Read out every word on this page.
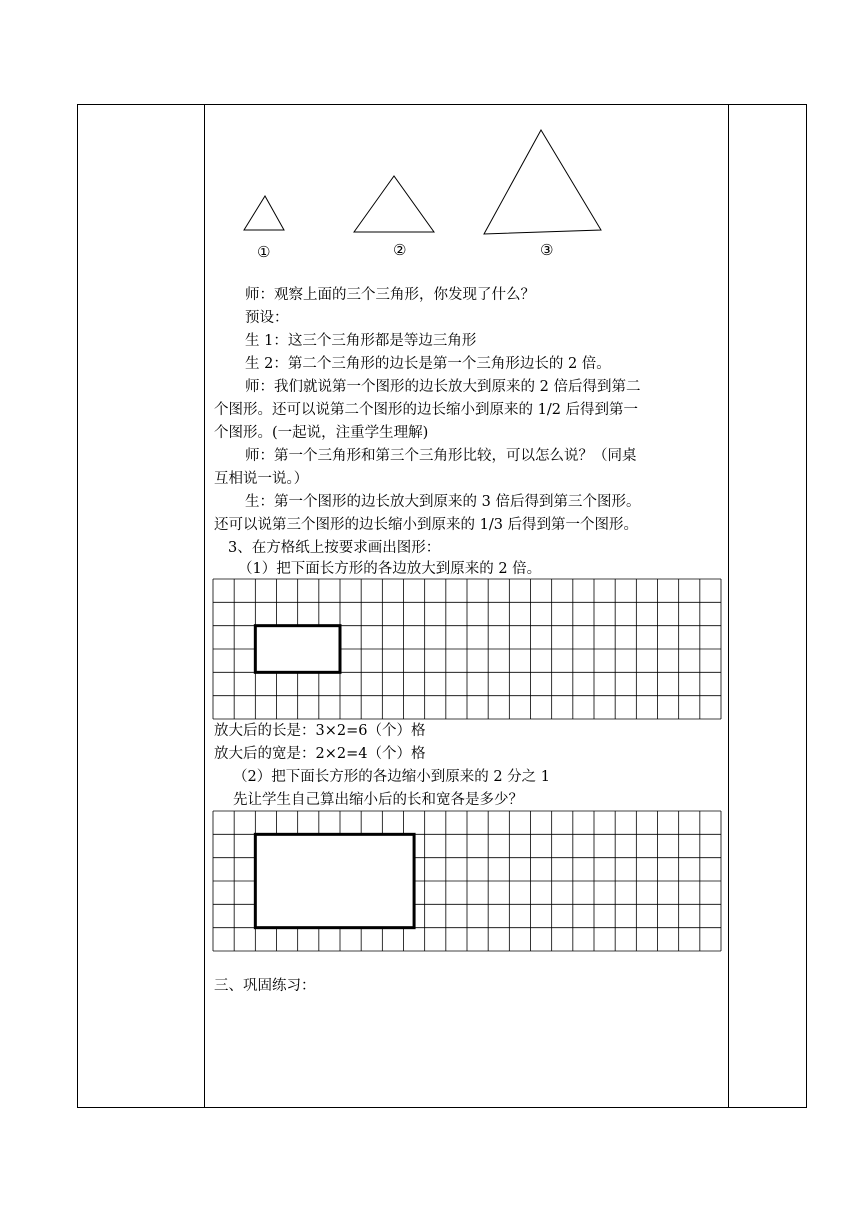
①	②	③
师：观察上面的三个三角形，你发现了什么？
预设：
生 1：这三个三角形都是等边三角形
生 2：第二个三角形的边长是第一个三角形边长的 2 倍。
师：我们就说第一个图形的边长放大到原来的 2 倍后得到第二
个图形。还可以说第二个图形的边长缩小到原来的 1/2 后得到第一
个图形。(一起说，注重学生理解)
师：第一个三角形和第三个三角形比较，可以怎么说？（同桌
互相说一说。）
生：第一个图形的边长放大到原来的 3 倍后得到第三个图形。
还可以说第三个图形的边长缩小到原来的 1/3 后得到第一个图形。
3、在方格纸上按要求画出图形：
（1）把下面长方形的各边放大到原来的 2 倍。
放大后的长是：3×2=6（个）格
放大后的宽是：2×2=4（个）格
（2）把下面长方形的各边缩小到原来的 2 分之 1
先让学生自己算出缩小后的长和宽各是多少？
三、巩固练习：
